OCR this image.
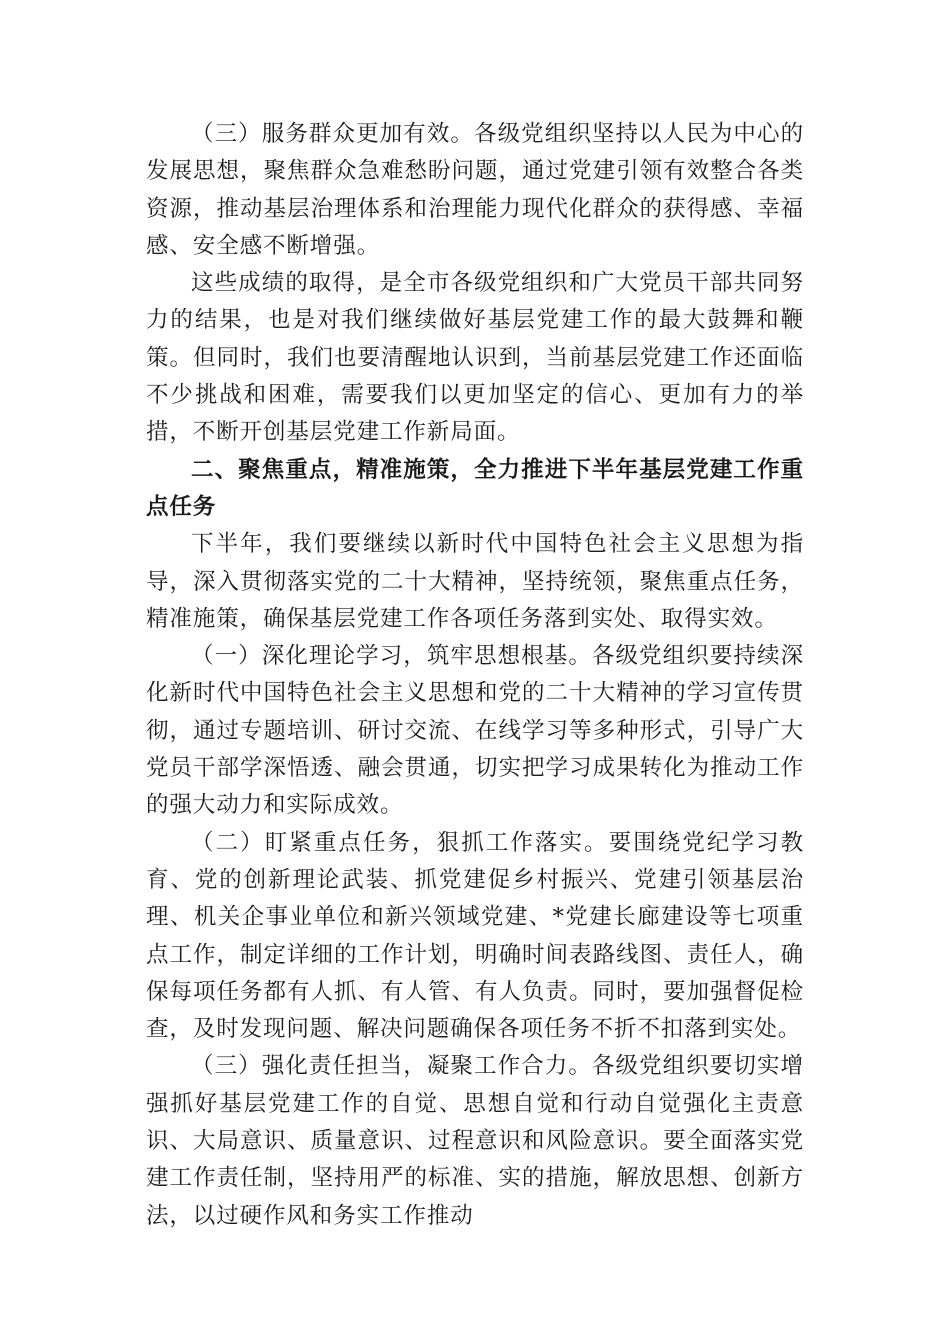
（三）服务群众更加有效。各级党组织坚持以人民为中心的发展思想，聚焦群众急难愁盼问题，通过党建引领有效整合各类资源，推动基层治理体系和治理能力现代化群众的获得感、幸福感、安全感不断增强。

这些成绩的取得，是全市各级党组织和广大党员干部共同努力的结果，也是对我们继续做好基层党建工作的最大鼓舞和鞭策。但同时，我们也要清醒地认识到，当前基层党建工作还面临不少挑战和困难，需要我们以更加坚定的信心、更加有力的举措，不断开创基层党建工作新局面。

二、聚焦重点，精准施策，全力推进下半年基层党建工作重点任务

下半年，我们要继续以新时代中国特色社会主义思想为指导，深入贯彻落实党的二十大精神，坚持统领，聚焦重点任务，精准施策，确保基层党建工作各项任务落到实处、取得实效。

（一）深化理论学习，筑牢思想根基。各级党组织要持续深化新时代中国特色社会主义思想和党的二十大精神的学习宣传贯彻，通过专题培训、研讨交流、在线学习等多种形式，引导广大党员干部学深悟透、融会贯通，切实把学习成果转化为推动工作的强大动力和实际成效。

（二）盯紧重点任务，狠抓工作落实。要围绕党纪学习教育、党的创新理论武装、抓党建促乡村振兴、党建引领基层治理、机关企事业单位和新兴领域党建、*党建长廊建设等七项重点工作，制定详细的工作计划，明确时间表路线图、责任人，确保每项任务都有人抓、有人管、有人负责。同时，要加强督促检查，及时发现问题、解决问题确保各项任务不折不扣落到实处。

（三）强化责任担当，凝聚工作合力。各级党组织要切实增强抓好基层党建工作的自觉、思想自觉和行动自觉强化主责意识、大局意识、质量意识、过程意识和风险意识。要全面落实党建工作责任制，坚持用严的标准、实的措施，解放思想、创新方法，以过硬作风和务实工作推动
